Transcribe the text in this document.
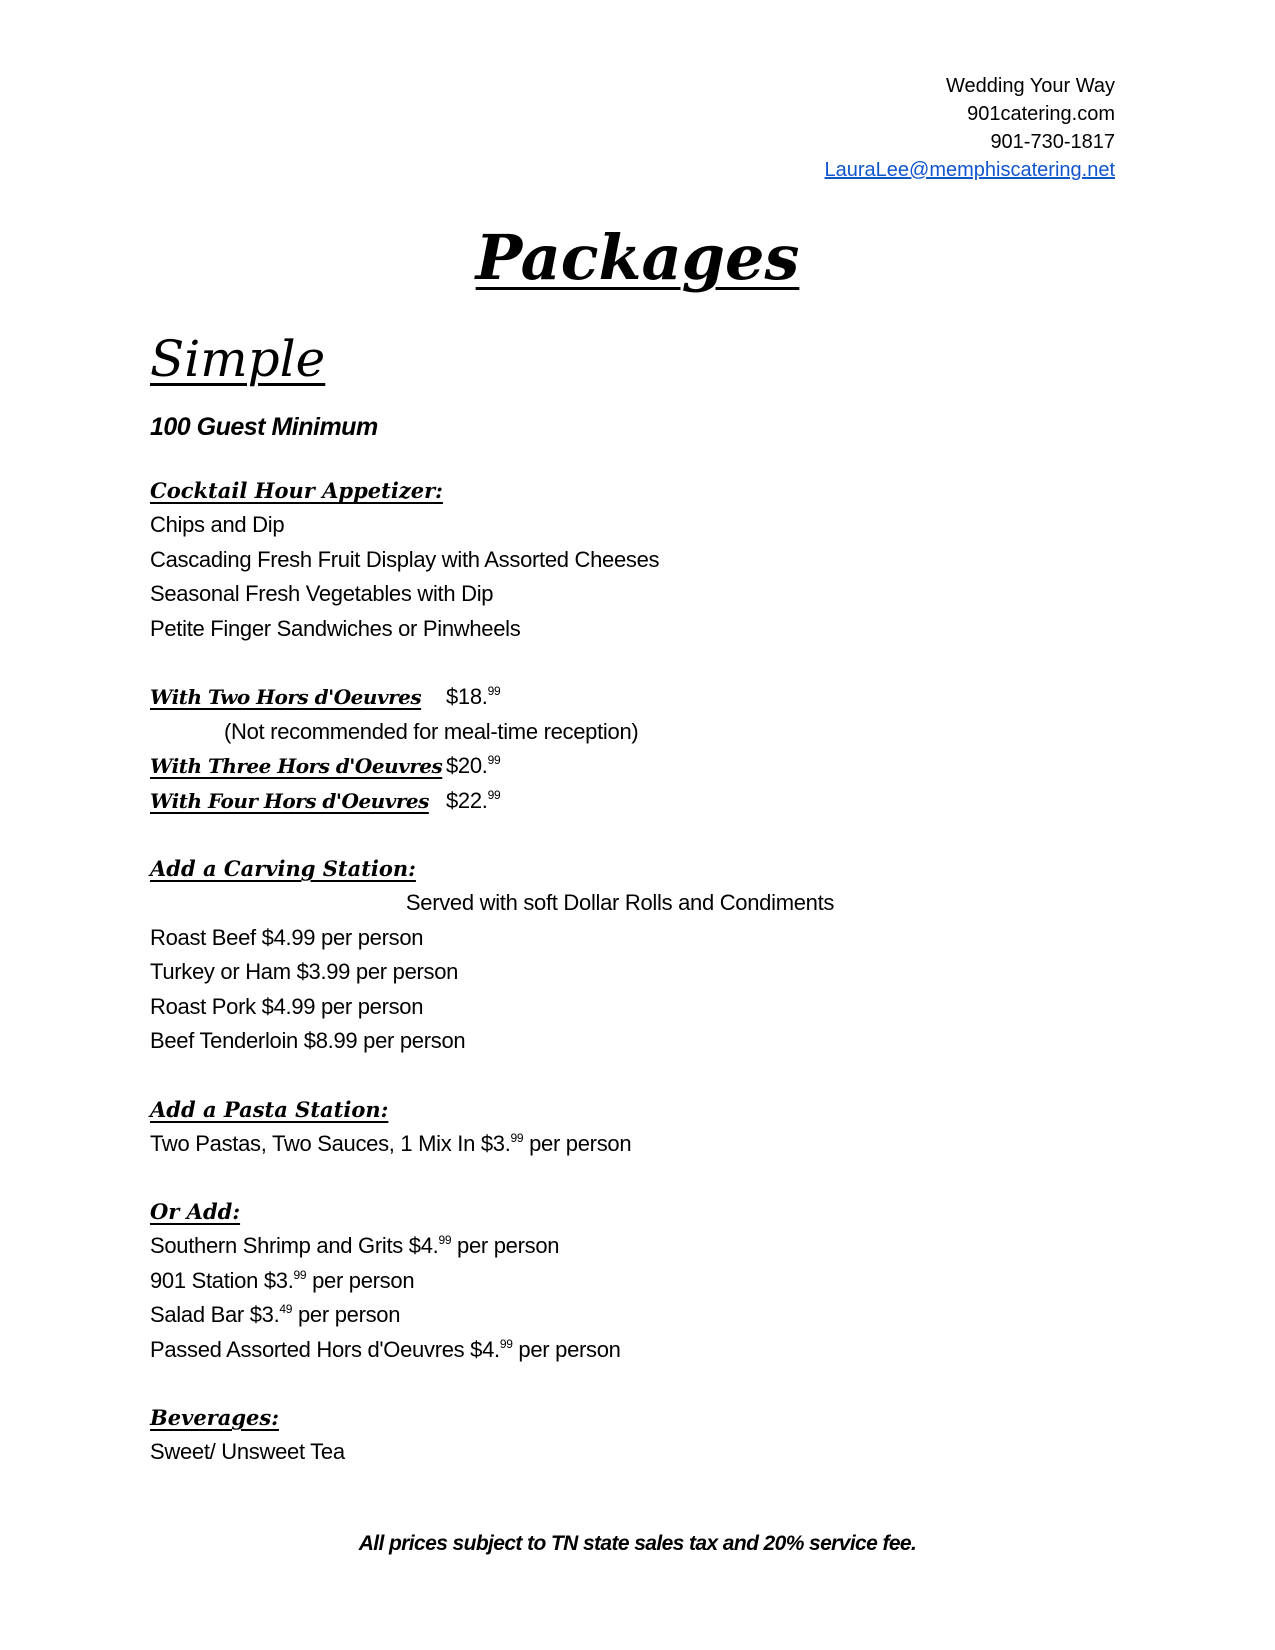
Wedding Your Way
901catering.com
901-730-1817
LauraLee@memphiscatering.net
Packages
Simple
100 Guest Minimum
Cocktail Hour Appetizer:
Chips and Dip
Cascading Fresh Fruit Display with Assorted Cheeses
Seasonal Fresh Vegetables with Dip
Petite Finger Sandwiches or Pinwheels
With Two Hors d'Oeuvres	$18.99
(Not recommended for meal-time reception)
With Three Hors d'Oeuvres $20.99
With Four Hors d'Oeuvres $22.99
Add a Carving Station:
Served with soft Dollar Rolls and Condiments
Roast Beef $4.99 per person
Turkey or Ham $3.99 per person
Roast Pork $4.99 per person
Beef Tenderloin $8.99 per person
Add a Pasta Station:
Two Pastas, Two Sauces, 1 Mix In $3.99 per person
Or Add:
Southern Shrimp and Grits $4.99 per person
901 Station $3.99 per person
Salad Bar $3.49 per person
Passed Assorted Hors d'Oeuvres $4.99 per person
Beverages:
Sweet/ Unsweet Tea
All prices subject to TN state sales tax and 20% service fee.
